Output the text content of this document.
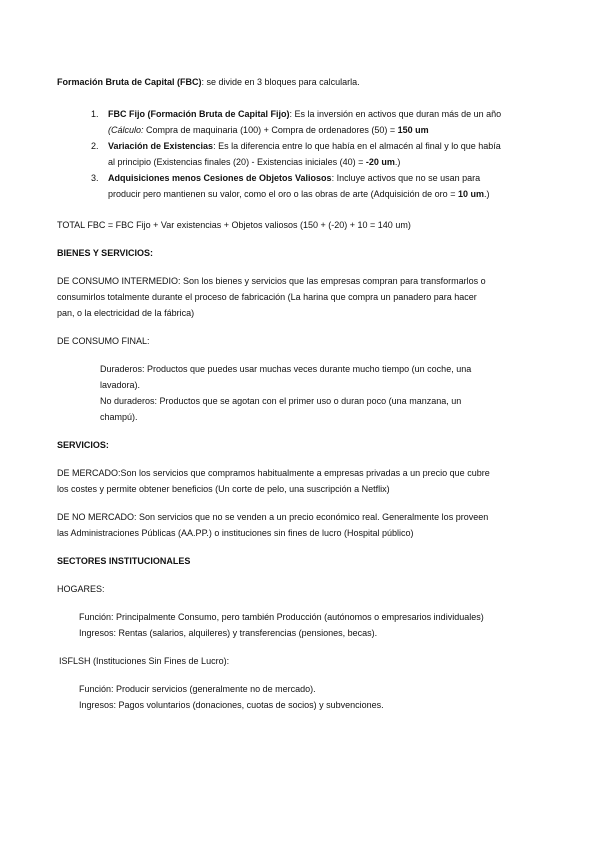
Formación Bruta de Capital (FBC): se divide en 3 bloques para calcularla.

1. FBC Fijo (Formación Bruta de Capital Fijo): Es la inversión en activos que duran más de un año
(Cálculo: Compra de maquinaria (100) + Compra de ordenadores (50) = 150 um
2. Variación de Existencias: Es la diferencia entre lo que había en el almacén al final y lo que había
al principio (Existencias finales (20) - Existencias iniciales (40) = -20 um.)
3. Adquisiciones menos Cesiones de Objetos Valiosos: Incluye activos que no se usan para
producir pero mantienen su valor, como el oro o las obras de arte (Adquisición de oro = 10 um.)

TOTAL FBC = FBC Fijo + Var existencias + Objetos valiosos (150 + (-20) + 10 = 140 um)

BIENES Y SERVICIOS:

DE CONSUMO INTERMEDIO: Son los bienes y servicios que las empresas compran para transformarlos o
consumirlos totalmente durante el proceso de fabricación (La harina que compra un panadero para hacer
pan, o la electricidad de la fábrica)

DE CONSUMO FINAL:

Duraderos: Productos que puedes usar muchas veces durante mucho tiempo (un coche, una
lavadora).
No duraderos: Productos que se agotan con el primer uso o duran poco (una manzana, un
champú).

SERVICIOS:

DE MERCADO:Son los servicios que compramos habitualmente a empresas privadas a un precio que cubre
los costes y permite obtener beneficios (Un corte de pelo, una suscripción a Netflix)
DE NO MERCADO: Son servicios que no se venden a un precio económico real. Generalmente los proveen
las Administraciones Públicas (AA.PP.) o instituciones sin fines de lucro (Hospital público)

SECTORES INSTITUCIONALES

HOGARES:

Función: Principalmente Consumo, pero también Producción (autónomos o empresarios individuales)
Ingresos: Rentas (salarios, alquileres) y transferencias (pensiones, becas).

ISFLSH (Instituciones Sin Fines de Lucro):

Función: Producir servicios (generalmente no de mercado).
Ingresos: Pagos voluntarios (donaciones, cuotas de socios) y subvenciones.
